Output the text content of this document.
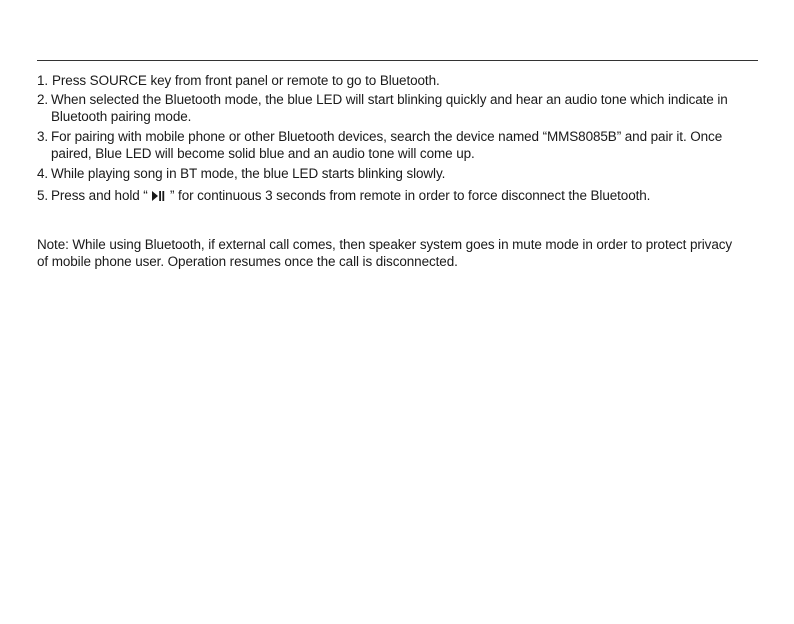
1. Press SOURCE key from front panel or remote to go to Bluetooth.
2. When selected the Bluetooth mode, the blue LED will start blinking quickly and hear an audio tone which indicate in Bluetooth pairing mode.
3. For pairing with mobile phone or other Bluetooth devices, search the device named “MMS8085B” and pair it. Once paired, Blue LED will become solid blue and an audio tone will come up.
4. While playing song in BT mode, the blue LED starts blinking slowly.
5. Press and hold “  ” for continuous 3 seconds from remote in order to force disconnect the Bluetooth.

Note: While using Bluetooth, if external call comes, then speaker system goes in mute mode in order to protect privacy of mobile phone user. Operation resumes once the call is disconnected.
